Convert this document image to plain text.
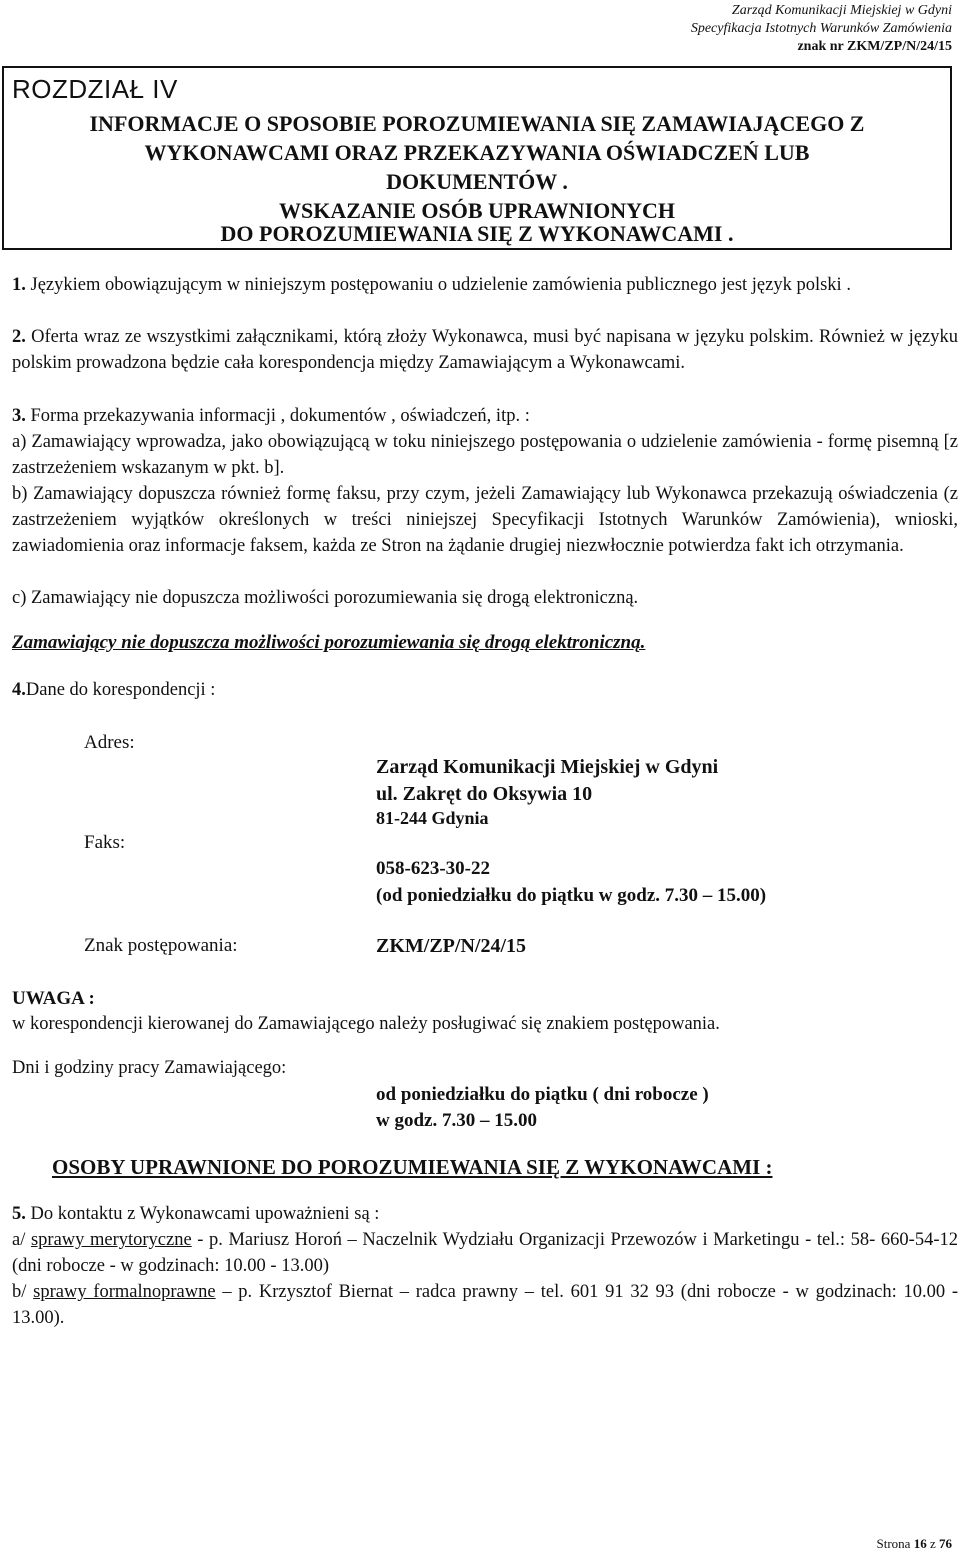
Zarząd Komunikacji Miejskiej w Gdyni
Specyfikacja Istotnych Warunków Zamówienia
znak nr ZKM/ZP/N/24/15
ROZDZIAŁ IV
INFORMACJE O SPOSOBIE POROZUMIEWANIA SIĘ ZAMAWIAJĄCEGO Z
WYKONAWCAMI ORAZ PRZEKAZYWANIA OŚWIADCZEŃ LUB
DOKUMENTÓW .
WSKAZANIE OSÓB UPRAWNIONYCH
DO POROZUMIEWANIA SIĘ Z WYKONAWCAMI .
1. Językiem obowiązującym w niniejszym postępowaniu o udzielenie zamówienia publicznego jest język polski .
2. Oferta wraz ze wszystkimi załącznikami, którą złoży Wykonawca, musi być napisana w języku polskim. Również w języku polskim prowadzona będzie cała korespondencja między Zamawiającym a Wykonawcami.
3. Forma przekazywania informacji , dokumentów , oświadczeń, itp. :
a) Zamawiający wprowadza, jako obowiązującą w toku niniejszego postępowania o udzielenie zamówienia - formę pisemną [z zastrzeżeniem wskazanym w pkt. b].
b) Zamawiający dopuszcza również formę faksu, przy czym, jeżeli Zamawiający lub Wykonawca przekazują oświadczenia (z zastrzeżeniem wyjątków określonych w treści niniejszej Specyfikacji Istotnych Warunków Zamówienia), wnioski, zawiadomienia oraz informacje faksem, każda ze Stron na żądanie drugiej niezwłocznie potwierdza fakt ich otrzymania.
c) Zamawiający nie dopuszcza możliwości porozumiewania się drogą elektroniczną.
Zamawiający nie dopuszcza możliwości porozumiewania się drogą elektroniczną.
4.Dane do korespondencji :
Adres:
Zarząd Komunikacji Miejskiej w Gdyni
ul. Zakręt do Oksywia 10
81-244 Gdynia
Faks:
058-623-30-22
(od poniedziałku do piątku w godz. 7.30 – 15.00)
Znak postępowania:	ZKM/ZP/N/24/15
UWAGA :
w korespondencji kierowanej do Zamawiającego należy posługiwać się znakiem postępowania.
Dni i godziny pracy Zamawiającego:
od poniedziałku do piątku ( dni robocze )
w godz. 7.30 – 15.00
OSOBY UPRAWNIONE DO POROZUMIEWANIA SIĘ Z WYKONAWCAMI :
5. Do kontaktu z Wykonawcami upoważnieni są :
a/ sprawy merytoryczne - p. Mariusz Horoń – Naczelnik Wydziału Organizacji Przewozów i Marketingu - tel.: 58- 660-54-12 (dni robocze - w godzinach: 10.00 - 13.00)
b/ sprawy formalnoprawne – p. Krzysztof Biernat – radca prawny – tel. 601 91 32 93 (dni robocze - w godzinach: 10.00 - 13.00).
Strona 16 z 76
